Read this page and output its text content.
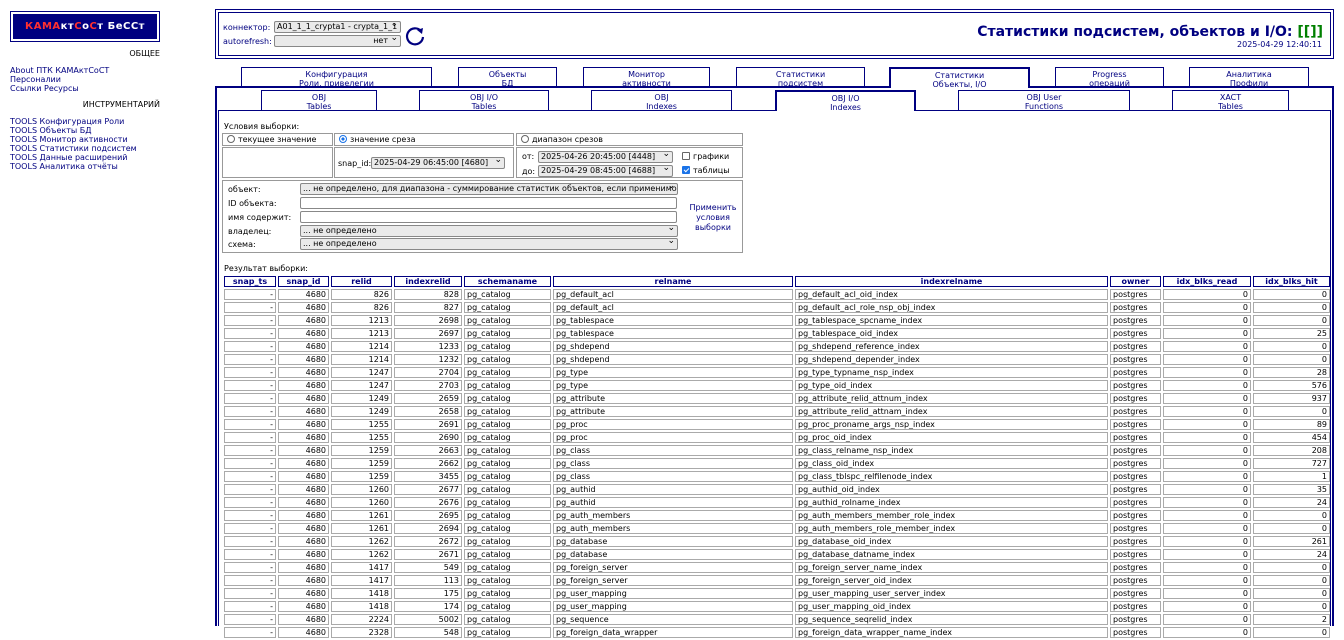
КАМА кт С о С т БеССт
ОБЩЕЕ
About ПТК КАМАктСоСТ
Персоналии
Ссылки Ресурсы
ИНСТРУМЕНТАРИЙ
TOOLS Конфигурация Роли
TOOLS Объекты БД
TOOLS Монитор активности
TOOLS Статистики подсистем
TOOLS Данные расширений
TOOLS Аналитика отчёты
коннектор: A01_1_1_crypta1 - crypta_1_1 ⌄
autorefresh:	нет ⌄
Статистики подсистем, объектов и I/O: [[]]
2025-04-29 12:40:11
Конфигурация
Роли, привелегии
Объекты
БД
Монитор
активности
Статистики
подсистем
Статистики
Объекты, I/O
Progress
операций
Аналитика
Профили
OBJ
Tables
OBJ I/O
Tables
OBJ
Indexes
OBJ I/O
Indexes
OBJ User
Functions
XACT
Tables
Условия выборки:
текущее значение	значение среза	диапазон срезов
snap_id: 2025-04-29 06:45:00 [4680] ⌄
от: 2025-04-26 20:45:00 [4448] ⌄
до: 2025-04-29 08:45:00 [4688] ⌄
графики
таблицы
объект:	... не определено, для диапазона - суммирование статистик объектов, если применимо ⌄
ID объекта:
имя содержит:
владелец:	... не определено ⌄
схема:	... не определено ⌄
Применить
условия
выборки
Результат выборки:
snap_ts	snap_id	relid	indexrelid	schemaname	relname	indexrelname	owner	idx_blks_read	idx_blks_hit
-	4680	826	828	pg_catalog	pg_default_acl	pg_default_acl_oid_index	postgres	0	0
-	4680	826	827	pg_catalog	pg_default_acl	pg_default_acl_role_nsp_obj_index	postgres	0	0
-	4680	1213	2698	pg_catalog	pg_tablespace	pg_tablespace_spcname_index	postgres	0	0
-	4680	1213	2697	pg_catalog	pg_tablespace	pg_tablespace_oid_index	postgres	0	25
-	4680	1214	1233	pg_catalog	pg_shdepend	pg_shdepend_reference_index	postgres	0	0
-	4680	1214	1232	pg_catalog	pg_shdepend	pg_shdepend_depender_index	postgres	0	0
-	4680	1247	2704	pg_catalog	pg_type	pg_type_typname_nsp_index	postgres	0	28
-	4680	1247	2703	pg_catalog	pg_type	pg_type_oid_index	postgres	0	576
-	4680	1249	2659	pg_catalog	pg_attribute	pg_attribute_relid_attnum_index	postgres	0	937
-	4680	1249	2658	pg_catalog	pg_attribute	pg_attribute_relid_attnam_index	postgres	0	0
-	4680	1255	2691	pg_catalog	pg_proc	pg_proc_proname_args_nsp_index	postgres	0	89
-	4680	1255	2690	pg_catalog	pg_proc	pg_proc_oid_index	postgres	0	454
-	4680	1259	2663	pg_catalog	pg_class	pg_class_relname_nsp_index	postgres	0	208
-	4680	1259	2662	pg_catalog	pg_class	pg_class_oid_index	postgres	0	727
-	4680	1259	3455	pg_catalog	pg_class	pg_class_tblspc_relfilenode_index	postgres	0	1
-	4680	1260	2677	pg_catalog	pg_authid	pg_authid_oid_index	postgres	0	35
-	4680	1260	2676	pg_catalog	pg_authid	pg_authid_rolname_index	postgres	0	24
-	4680	1261	2695	pg_catalog	pg_auth_members	pg_auth_members_member_role_index	postgres	0	0
-	4680	1261	2694	pg_catalog	pg_auth_members	pg_auth_members_role_member_index	postgres	0	0
-	4680	1262	2672	pg_catalog	pg_database	pg_database_oid_index	postgres	0	261
-	4680	1262	2671	pg_catalog	pg_database	pg_database_datname_index	postgres	0	24
-	4680	1417	549	pg_catalog	pg_foreign_server	pg_foreign_server_name_index	postgres	0	0
-	4680	1417	113	pg_catalog	pg_foreign_server	pg_foreign_server_oid_index	postgres	0	0
-	4680	1418	175	pg_catalog	pg_user_mapping	pg_user_mapping_user_server_index	postgres	0	0
-	4680	1418	174	pg_catalog	pg_user_mapping	pg_user_mapping_oid_index	postgres	0	0
-	4680	2224	5002	pg_catalog	pg_sequence	pg_sequence_seqrelid_index	postgres	0	2
-	4680	2328	548	pg_catalog	pg_foreign_data_wrapper	pg_foreign_data_wrapper_name_index	postgres	0	0
